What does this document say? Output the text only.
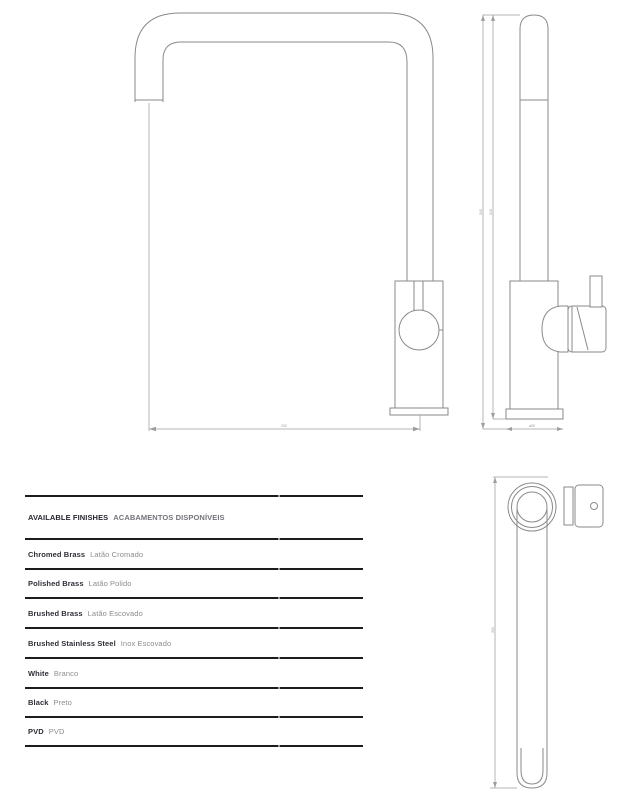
232
340 318
ø50
300
AVAILABLE FINISHES ACABAMENTOS DISPONÍVEIS
Chromed Brass Latão Cromado
Polished Brass Latão Polido
Brushed Brass Latão Escovado
Brushed Stainless Steel Inox Escovado
White Branco
Black Preto
PVD PVD
